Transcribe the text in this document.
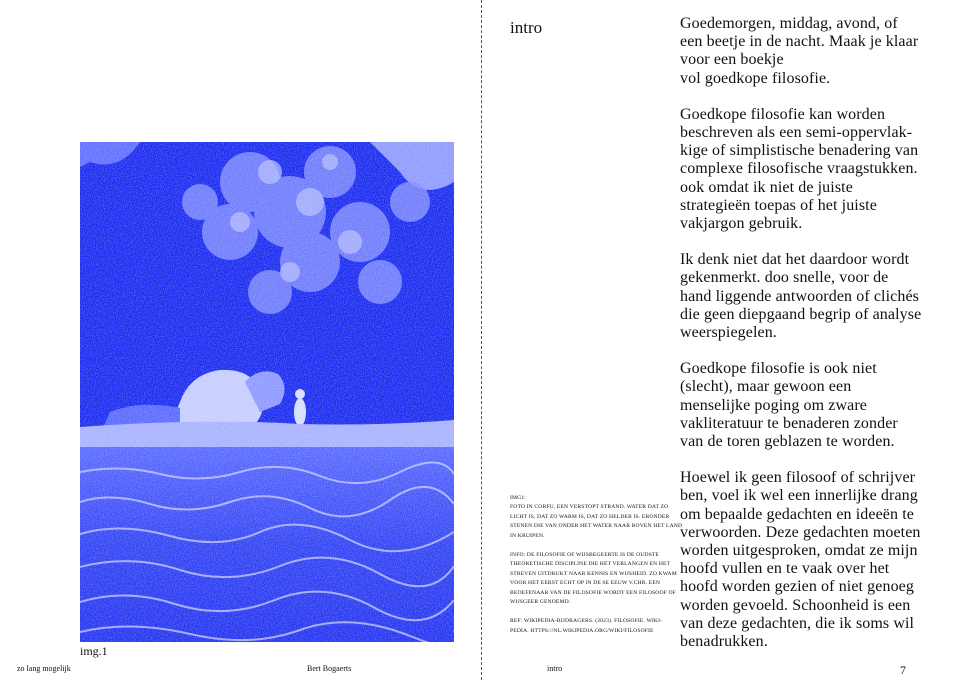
img.1
zo lang mogelijk	Bert Bogaerts
intro	Goedemorgen, middag, avond, of
een beetje in de nacht. Maak je klaar
voor een boekje
vol goedkope filosofie.

Goedkope filosofie kan worden
beschreven als een semi-oppervlak-
kige of simplistische benadering van
complexe filosofische vraagstukken.
ook omdat ik niet de juiste
strategieën toepas of het juiste
vakjargon gebruik.

Ik denk niet dat het daardoor wordt
gekenmerkt. doo snelle, voor de
hand liggende antwoorden of clichés
die geen diepgaand begrip of analyse
weerspiegelen.

Goedkope filosofie is ook niet
(slecht), maar gewoon een
menselijke poging om zware
vakliteratuur te benaderen zonder
van de toren geblazen te worden.

Hoewel ik geen filosoof of schrijver
ben, voel ik wel een innerlijke drang
om bepaalde gedachten en ideeën te
verwoorden. Deze gedachten moeten
worden uitgesproken, omdat ze mijn
hoofd vullen en te vaak over het
hoofd worden gezien of niet genoeg
worden gevoeld. Schoonheid is een
van deze gedachten, die ik soms wil
benadrukken.

IMG1:
FOTO IN CORFU, EEN VERSTOPT STRAND. WATER DAT ZO
LICHT IS, DAT ZO WARM IS, DAT ZO HELDER IS. ERONDER
STENEN DIE VAN ONDER HET WATER NAAR BOVEN HET LAND
IN KRUIPEN.

INFO: DE FILOSOFIE OF WIJSBEGEERTE IS DE OUDSTE
THEORETISCHE DISCIPLINE DIE HET VERLANGEN EN HET
STREVEN UITDRUKT NAAR KENNIS EN WIJSHEID. ZO KWAM
VOOR HET EERST ECHT OP IN DE 6E EEUW V.CHR. EEN
BEOEFENAAR VAN DE FILOSOFIE WORDT EEN FILOSOOF OF
WIJSGEER GENOEMD.

REF: WIKIPEDIA-BIJDRAGERS. (2023). FILOSOFIE. WIKI-
PEDIA. HTTPS://NL.WIKIPEDIA.ORG/WIKI/FILOSOFIE

intro	7
